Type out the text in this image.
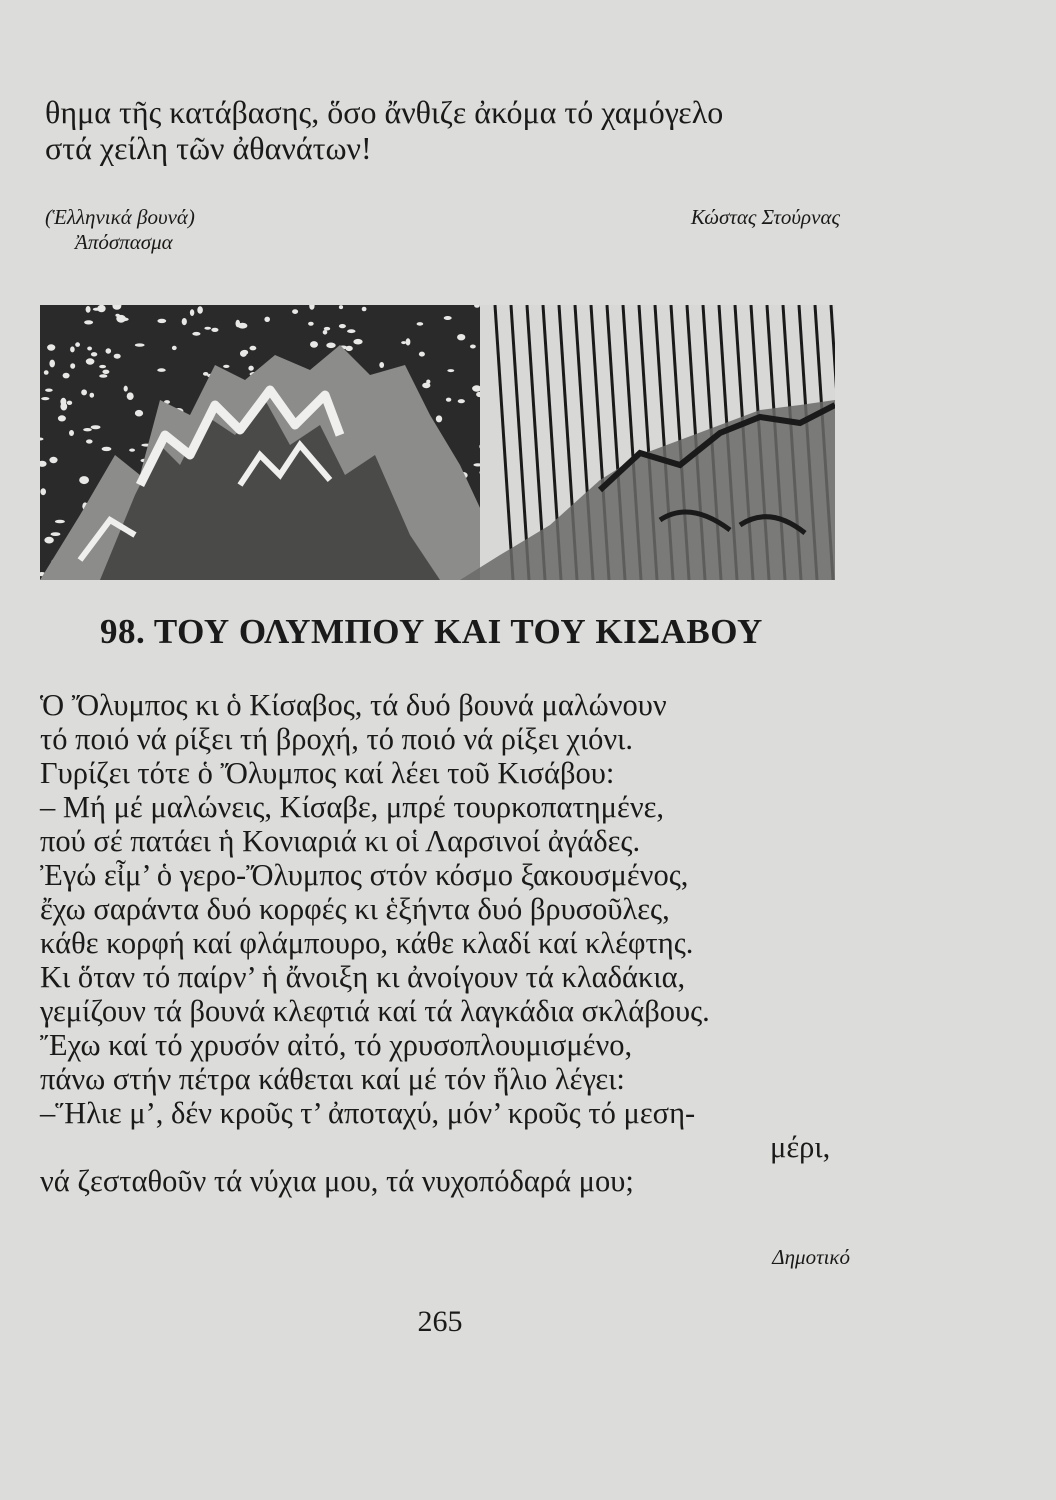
θημα τῆς κατάβασης, ὅσο ἄνθιζε ἀκόμα τό χαμόγελο
στά χείλη τῶν ἀθανάτων!
(Ἑλληνικά βουνά)
Ἀπόσπασμα
Κώστας Στούρνας
98. ΤΟΥ ΟΛΥΜΠΟΥ ΚΑΙ ΤΟΥ ΚΙΣΑΒΟΥ
Ὁ Ὄλυμπος κι ὁ Κίσαβος, τά δυό βουνά μαλώνουν
τό ποιό νά ρίξει τή βροχή, τό ποιό νά ρίξει χιόνι.
Γυρίζει τότε ὁ Ὄλυμπος καί λέει τοῦ Κισάβου:
– Μή μέ μαλώνεις, Κίσαβε, μπρέ τουρκοπατημένε,
πού σέ πατάει ἡ Κονιαριά κι οἱ Λαρσινοί ἀγάδες.
Ἐγώ εἶμ’ ὁ γερο-Ὄλυμπος στόν κόσμο ξακουσμένος,
ἔχω σαράντα δυό κορφές κι ἑξήντα δυό βρυσοῦλες,
κάθε κορφή καί φλάμπουρο, κάθε κλαδί καί κλέφτης.
Κι ὅταν τό παίρν’ ἡ ἄνοιξη κι ἀνοίγουν τά κλαδάκια,
γεμίζουν τά βουνά κλεφτιά καί τά λαγκάδια σκλάβους.
Ἔχω καί τό χρυσόν αἰτό, τό χρυσοπλουμισμένο,
πάνω στήν πέτρα κάθεται καί μέ τόν ἥλιο λέγει:
–Ἥλιε μ’, δέν κροῦς τ’ ἀποταχύ, μόν’ κροῦς τό μεση-
μέρι,
νά ζεσταθοῦν τά νύχια μου, τά νυχοπόδαρά μου;
Δημοτικό
265
